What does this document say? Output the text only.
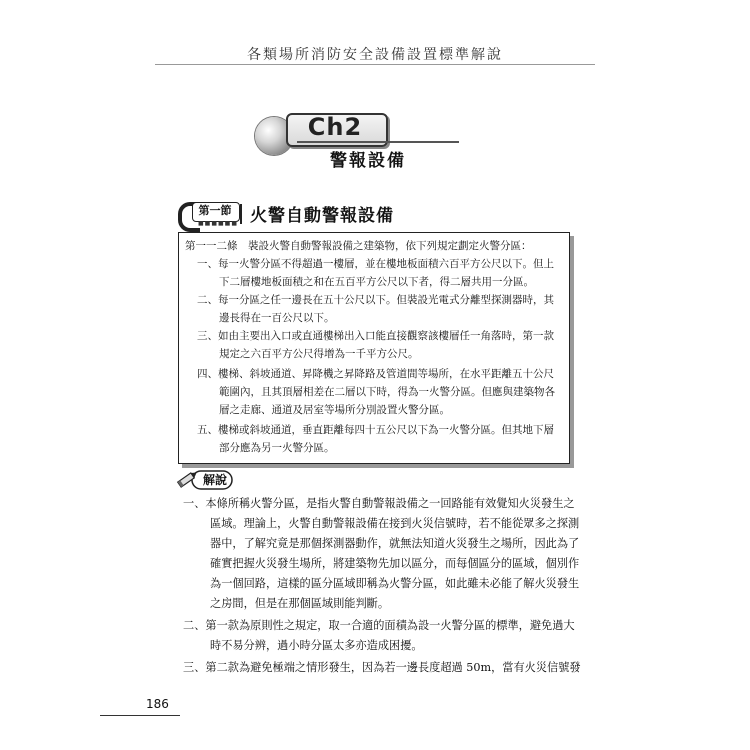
各類場所消防安全設備設置標準解說
Ch2
警報設備
第一節
■■■■■■ 火警自動警報設備
第一一二條　裝設火警自動警報設備之建築物，依下列規定劃定火警分區：
一、每一火警分區不得超過一樓層，並在樓地板面積六百平方公尺以下。但上
下二層樓地板面積之和在五百平方公尺以下者，得二層共用一分區。
二、每一分區之任一邊長在五十公尺以下。但裝設光電式分離型探測器時，其
邊長得在一百公尺以下。
三、如由主要出入口或直通樓梯出入口能直接觀察該樓層任一角落時，第一款
規定之六百平方公尺得增為一千平方公尺。
四、樓梯、斜坡通道、昇降機之昇降路及管道間等場所，在水平距離五十公尺
範圍內，且其頂層相差在二層以下時，得為一火警分區。但應與建築物各
層之走廊、通道及居室等場所分別設置火警分區。
五、樓梯或斜坡通道，垂直距離每四十五公尺以下為一火警分區。但其地下層
部分應為另一火警分區。
解說
一、本條所稱火警分區，是指火警自動警報設備之一回路能有效覺知火災發生之
區域。理論上，火警自動警報設備在接到火災信號時，若不能從眾多之探測
器中，了解究竟是那個探測器動作，就無法知道火災發生之場所，因此為了
確實把握火災發生場所，將建築物先加以區分，而每個區分的區域，個別作
為一個回路，這樣的區分區域即稱為火警分區，如此雖未必能了解火災發生
之房間，但是在那個區域則能判斷。
二、第一款為原則性之規定，取一合適的面積為設一火警分區的標準，避免過大
時不易分辨，過小時分區太多亦造成困擾。
三、第二款為避免極端之情形發生，因為若一邊長度超過 50m，當有火災信號發
186
